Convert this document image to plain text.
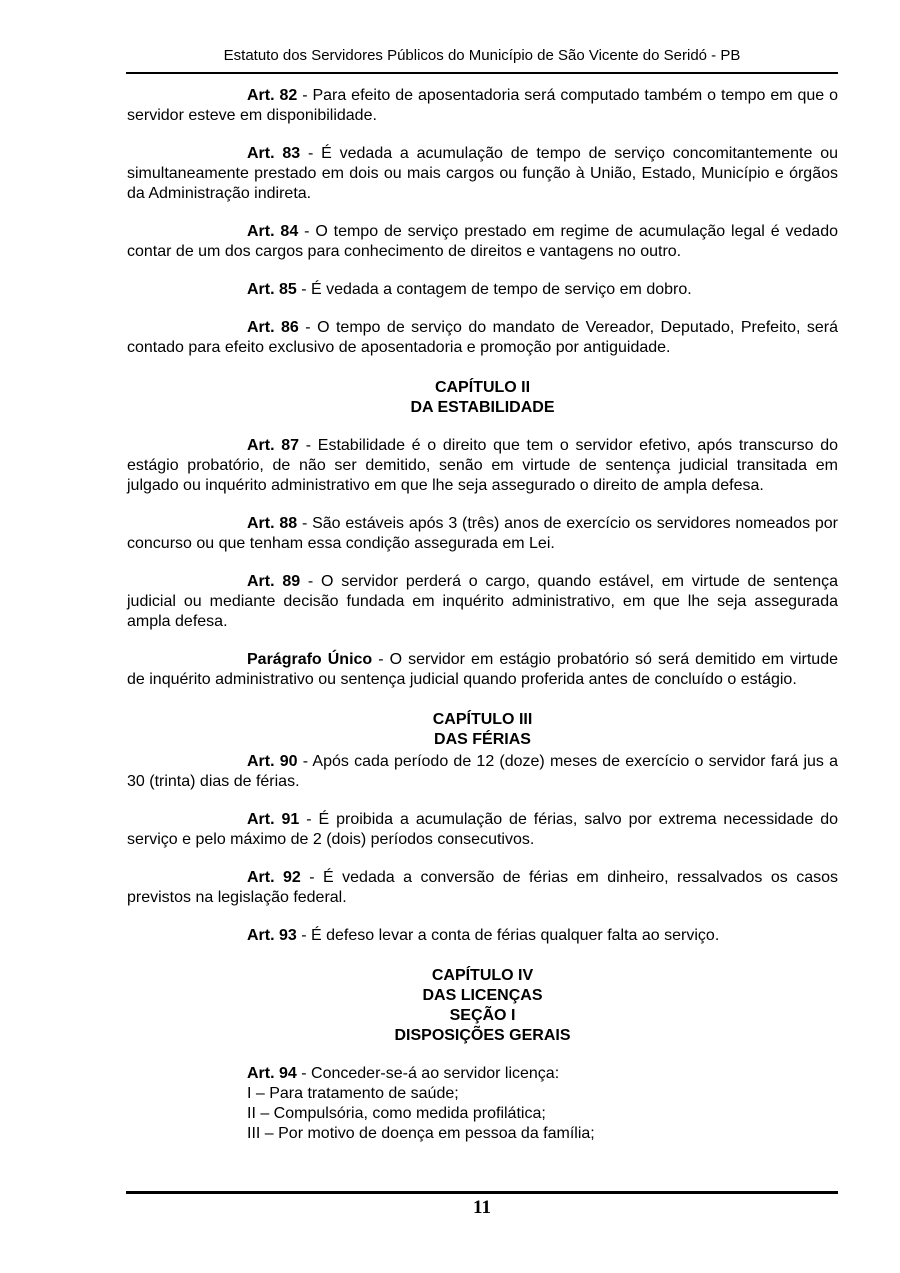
Estatuto dos Servidores Públicos do Município de São Vicente do Seridó - PB

Art. 82 - Para efeito de aposentadoria será computado também o tempo em que o servidor esteve em disponibilidade.

Art. 83 - É vedada a acumulação de tempo de serviço concomitantemente ou simultaneamente prestado em dois ou mais cargos ou função à União, Estado, Município e órgãos da Administração indireta.

Art. 84 - O tempo de serviço prestado em regime de acumulação legal é vedado contar de um dos cargos para conhecimento de direitos e vantagens no outro.

Art. 85 - É vedada a contagem de tempo de serviço em dobro.

Art. 86 - O tempo de serviço do mandato de Vereador, Deputado, Prefeito, será contado para efeito exclusivo de aposentadoria e promoção por antiguidade.

CAPÍTULO II
DA ESTABILIDADE

Art. 87 - Estabilidade é o direito que tem o servidor efetivo, após transcurso do estágio probatório, de não ser demitido, senão em virtude de sentença judicial transitada em julgado ou inquérito administrativo em que lhe seja assegurado o direito de ampla defesa.

Art. 88 - São estáveis após 3 (três) anos de exercício os servidores nomeados por concurso ou que tenham essa condição assegurada em Lei.

Art. 89 - O servidor perderá o cargo, quando estável, em virtude de sentença judicial ou mediante decisão fundada em inquérito administrativo, em que lhe seja assegurada ampla defesa.

Parágrafo Único - O servidor em estágio probatório só será demitido em virtude de inquérito administrativo ou sentença judicial quando proferida antes de concluído o estágio.

CAPÍTULO III
DAS FÉRIAS

Art. 90 - Após cada período de 12 (doze) meses de exercício o servidor fará jus a 30 (trinta) dias de férias.

Art. 91 - É proibida a acumulação de férias, salvo por extrema necessidade do serviço e pelo máximo de 2 (dois) períodos consecutivos.

Art. 92 - É vedada a conversão de férias em dinheiro, ressalvados os casos previstos na legislação federal.

Art. 93 - É defeso levar a conta de férias qualquer falta ao serviço.

CAPÍTULO IV
DAS LICENÇAS
SEÇÃO I
DISPOSIÇÕES GERAIS

Art. 94 - Conceder-se-á ao servidor licença:

I – Para tratamento de saúde;
II – Compulsória, como medida profilática;
III – Por motivo de doença em pessoa da família;
11
